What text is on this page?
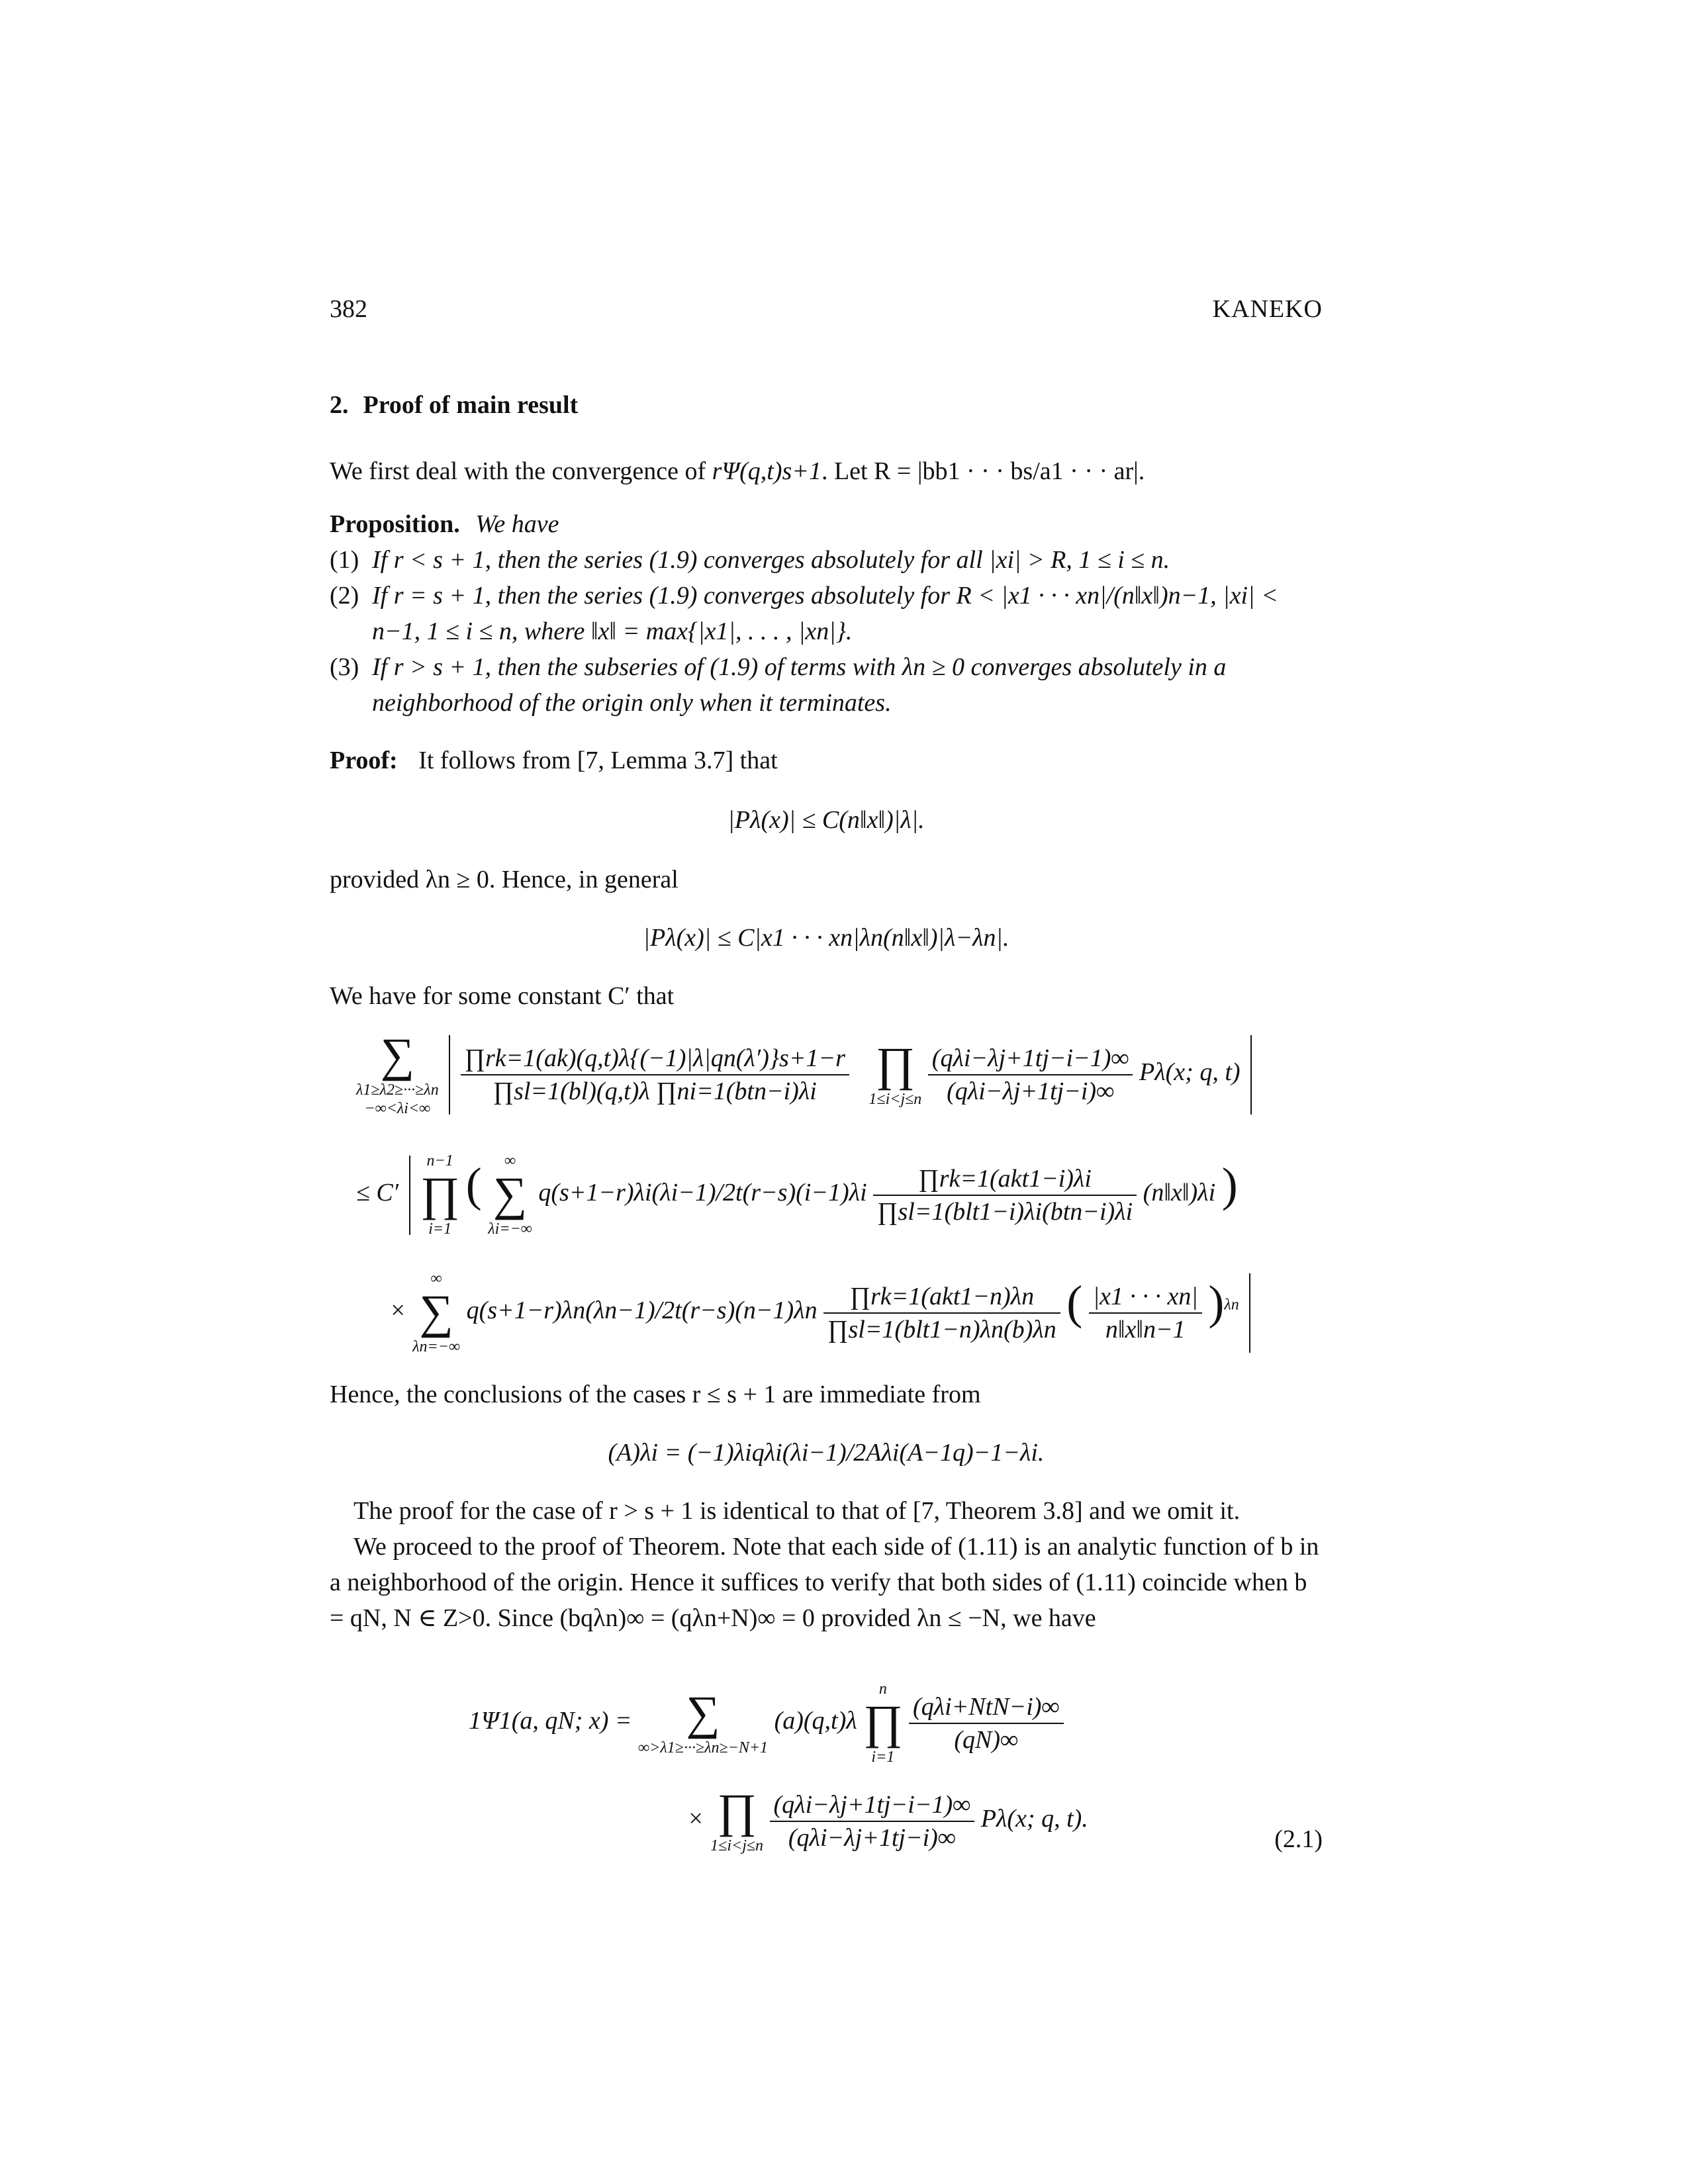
382	KANEKO
2. Proof of main result
We first deal with the convergence of rΨ(q,t)s+1. Let R = |bb1 · · · bs/a1 · · · ar|.
Proposition. We have
(1) If r < s + 1, then the series (1.9) converges absolutely for all |xi| > R, 1 ≤ i ≤ n.
(2) If r = s + 1, then the series (1.9) converges absolutely for R < |x1 · · · xn|/(n‖x‖)n−1, |xi| < n−1, 1 ≤ i ≤ n, where ‖x‖ = max{|x1|, . . . , |xn|}.
(3) If r > s + 1, then the subseries of (1.9) of terms with λn ≥ 0 converges absolutely in a neighborhood of the origin only when it terminates.
Proof: It follows from [7, Lemma 3.7] that
|Pλ(x)| ≤ C(n‖x‖)|λ|.
provided λn ≥ 0. Hence, in general
|Pλ(x)| ≤ C|x1 · · · xn|λn(n‖x‖)|λ−λn|.
We have for some constant C′ that
∑
λ1≥λ2≥···≥λn
−∞<λi<∞

$\frac{\prod rk=1(ak)(q,t)\lambda\{(-1)|\lambda|qn(\lambda')\}s+1-r}{\text{∏sl=1(bl)(q,t)λ ∏ni=1(btn−i)λi}}$ ∏
1≤i<j≤n
$\frac{\text{(qλi−λj+1tj−i−1)∞}}{\text{(qλi−λj+1tj−i)∞}} P\lambda(x$; q, t)
≤ C′
n−1
∏
i=1
(	∞
∑
λi=−∞
$q(s+1-r)\lambda i(\lambda i-1)/2t(r-s)(i-1)\lambda i \frac{\text{∏rk=1(akt1−i)λi}}{\text{∏sl=1(blt1−i)λi(btn−i)λi}}$ (n‖x‖)λi )
×
∞
∑
λn=−∞
$q(s+1-r)\lambda n(\lambda n-1)/2t(r-s)(n-1)\lambda n \frac{\text{∏rk=1(akt1−n)λn}}{\text{∏sl=1(blt1−n)λn(b)λn}}$ ( $\frac{|x1 \cdot \cdot \cdot xn|}{n‖x‖n-1} )^{\lambda n}$
Hence, the conclusions of the cases r ≤ s + 1 are immediate from
(A)λi = (−1)λiqλi(λi−1)/2Aλi(A−1q)−1−λi.
The proof for the case of r > s + 1 is identical to that of [7, Theorem 3.8] and we omit it.
We proceed to the proof of Theorem. Note that each side of (1.11) is an analytic function of b in a neighborhood of the origin. Hence it suffices to verify that both sides of (1.11) coincide when b = qN, N ∈ Z>0. Since (bqλn)∞ = (qλn+N)∞ = 0 provided λn ≤ −N, we have
1Ψ1(a, qN; x) = ∑
∞>λ1≥···≥λn≥−N+1
(a)(q,t)λ
n
∏
i=1

$\frac{\text{(qλi+NtN−i)∞}}{(qN)\infty}$
× ∏
1≤i<j≤n
$\frac{\text{(qλi−λj+1tj−i−1)∞}}{\text{(qλi−λj+1tj−i)∞}} P\lambda(x$; q, t).
(2.1)
